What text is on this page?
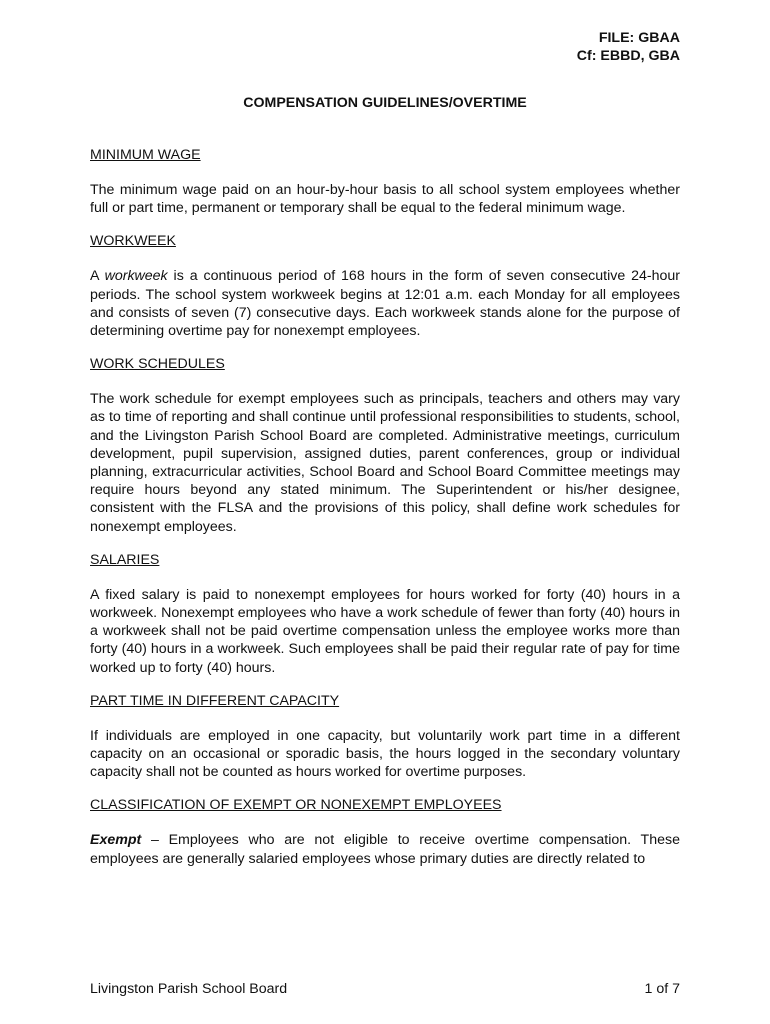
FILE: GBAA
Cf: EBBD, GBA
COMPENSATION GUIDELINES/OVERTIME

MINIMUM WAGE

The minimum wage paid on an hour-by-hour basis to all school system employees whether full or part time, permanent or temporary shall be equal to the federal minimum wage.

WORKWEEK

A workweek is a continuous period of 168 hours in the form of seven consecutive 24-hour periods. The school system workweek begins at 12:01 a.m. each Monday for all employees and consists of seven (7) consecutive days. Each workweek stands alone for the purpose of determining overtime pay for nonexempt employees.

WORK SCHEDULES

The work schedule for exempt employees such as principals, teachers and others may vary as to time of reporting and shall continue until professional responsibilities to students, school, and the Livingston Parish School Board are completed. Administrative meetings, curriculum development, pupil supervision, assigned duties, parent conferences, group or individual planning, extracurricular activities, School Board and School Board Committee meetings may require hours beyond any stated minimum. The Superintendent or his/her designee, consistent with the FLSA and the provisions of this policy, shall define work schedules for nonexempt employees.

SALARIES

A fixed salary is paid to nonexempt employees for hours worked for forty (40) hours in a workweek. Nonexempt employees who have a work schedule of fewer than forty (40) hours in a workweek shall not be paid overtime compensation unless the employee works more than forty (40) hours in a workweek. Such employees shall be paid their regular rate of pay for time worked up to forty (40) hours.

PART TIME IN DIFFERENT CAPACITY

If individuals are employed in one capacity, but voluntarily work part time in a different capacity on an occasional or sporadic basis, the hours logged in the secondary voluntary capacity shall not be counted as hours worked for overtime purposes.

CLASSIFICATION OF EXEMPT OR NONEXEMPT EMPLOYEES

Exempt – Employees who are not eligible to receive overtime compensation. These employees are generally salaried employees whose primary duties are directly related to

Livingston Parish School Board	1 of 7
